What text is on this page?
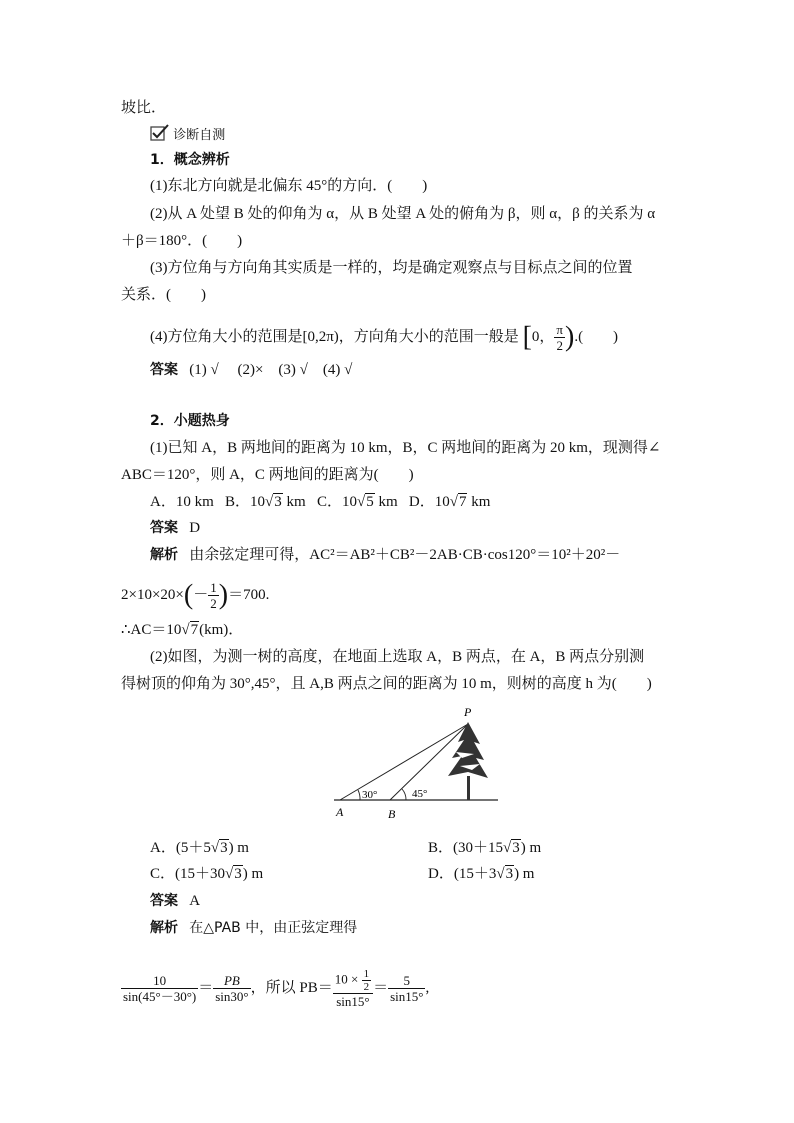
坡比．
诊断自测
1．概念辨析
(1)东北方向就是北偏东 45°的方向．(　　)
(2)从 A 处望 B 处的仰角为 α，从 B 处望 A 处的俯角为 β，则 α，β 的关系为 α
＋β＝180°．(　　)
(3)方位角与方向角其实质是一样的，均是确定观察点与目标点之间的位置
关系．(　　)
(4)方位角大小的范围是[0,2π)，方向角大小的范围一般是 [0， $\frac{\pi}{2}$ ).(　　)
答案 (1) √　 (2)×　(3) √　(4) √
2．小题热身
(1)已知 A，B 两地间的距离为 10 km，B，C 两地间的距离为 20 km，现测得∠
ABC＝120°，则 A，C 两地间的距离为(　　)
A．10 km B．10√3 km C．10√5 km D．10√7 km
答案 D
解析 由余弦定理可得，AC²＝AB²＋CB²－2AB·CB·cos120°＝10²＋20²－
$2\times 10\times 20\times(- \frac{1}{2} )=700$.
∴AC＝10√7(km)．
(2)如图，为测一树的高度，在地面上选取 A，B 两点，在 A，B 两点分别测
得树顶的仰角为 30°,45°，且 A,B 两点之间的距离为 10 m，则树的高度 h 为(　　)
P
A	B
30°	45°
A．(5＋5√3) m	B．(30＋15√3) m
C．(15＋30√3) m	D．(15＋3√3) m
答案 A
解析 在△PAB 中，由正弦定理得
$\frac{10}{\sin(45^\circ-30^\circ)} = \frac{PB}{\sin 30^\circ}$ ，所以 $PB= \frac{10 \times \frac{1}{2}}{\sin 15^\circ} = \frac{5}{\sin 15^\circ}$ ,
